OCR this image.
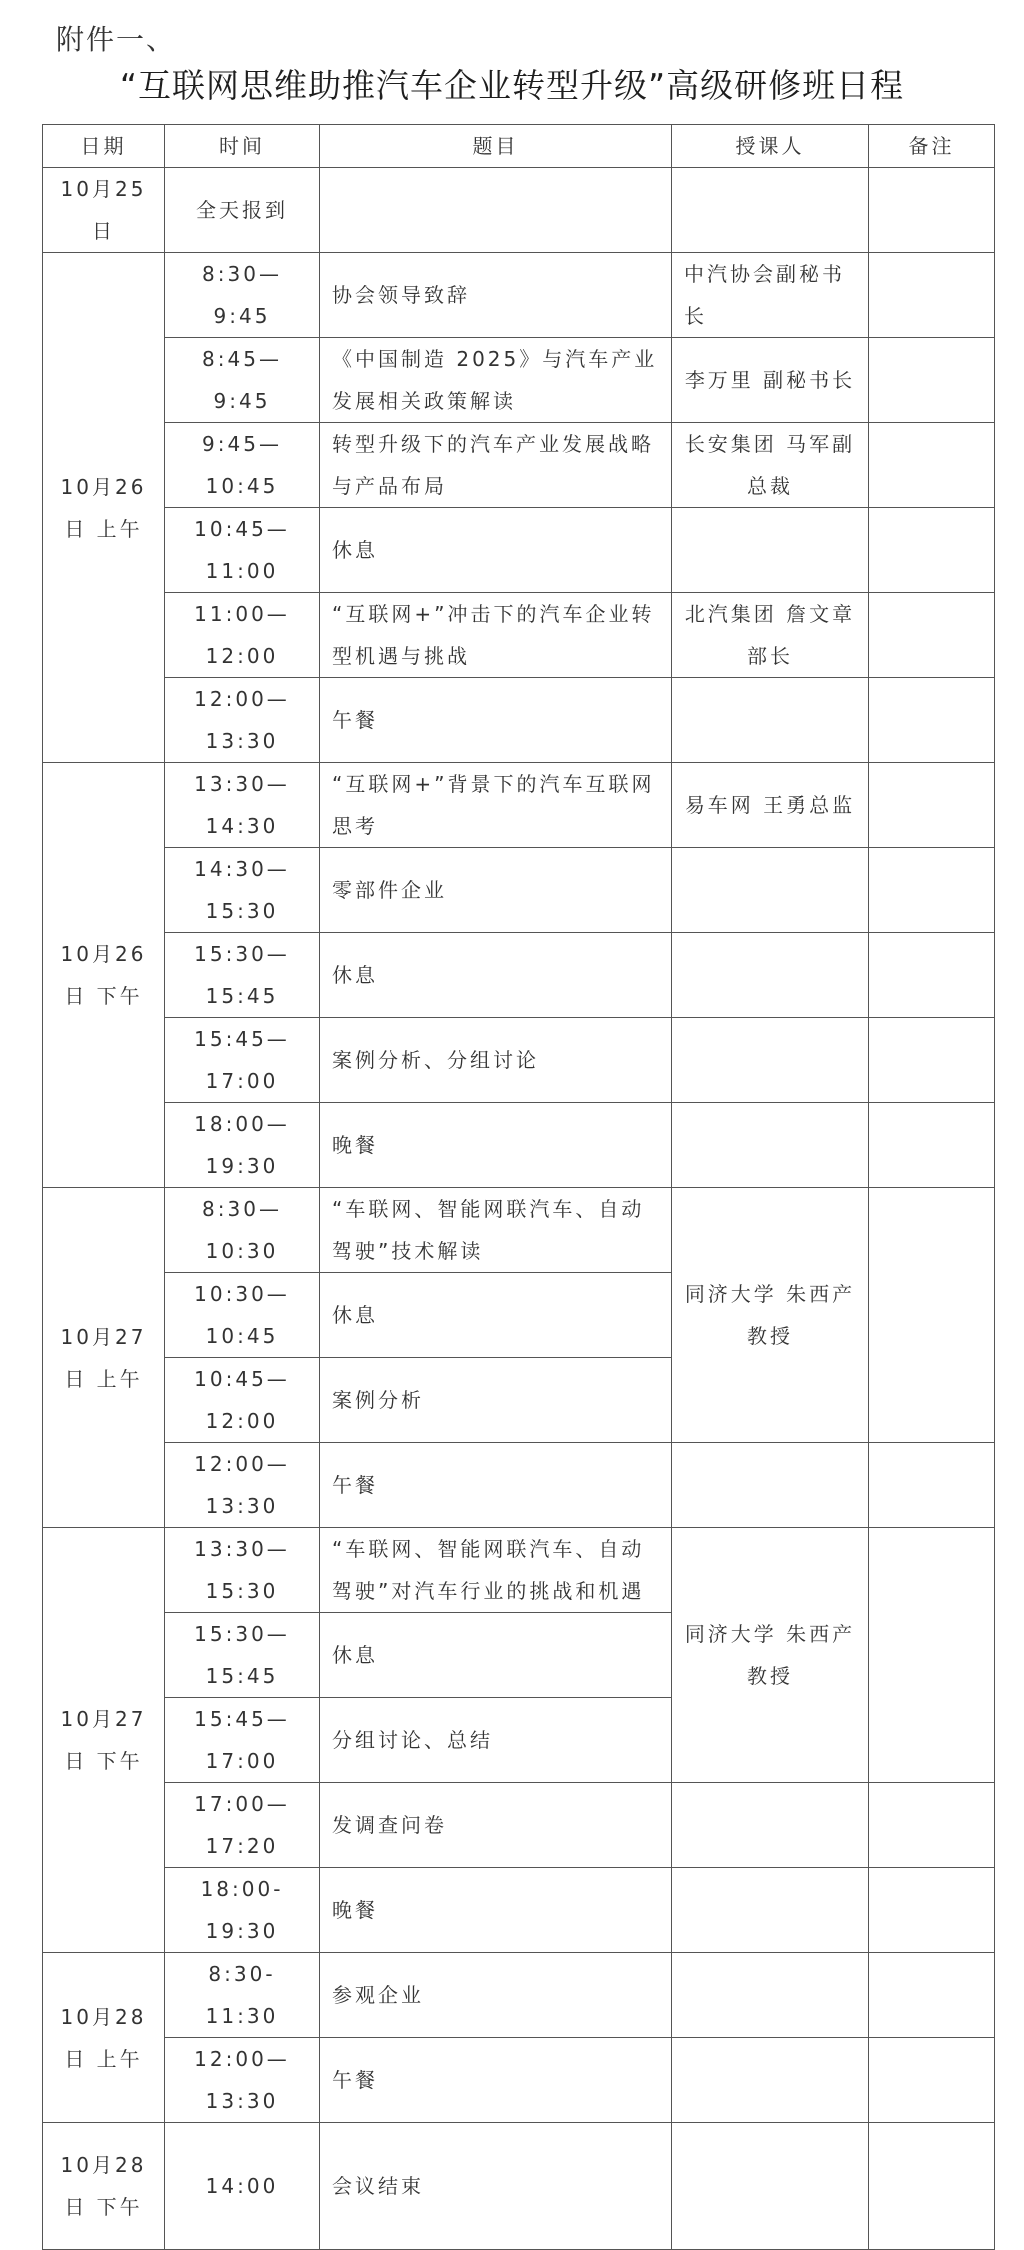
附件一、
“互联网思维助推汽车企业转型升级”高级研修班日程
日期	时间	题目	授课人	备注
10月25日	全天报到			
10月26日 上午	8:30—9:45	协会领导致辞	中汽协会副秘书长	
	8:45—9:45	《中国制造 2025》与汽车产业发展相关政策解读	李万里 副秘书长	
	9:45—10:45	转型升级下的汽车产业发展战略与产品布局	长安集团 马军副总裁	
	10:45—11:00	休息		
	11:00—12:00	“互联网+”冲击下的汽车企业转型机遇与挑战	北汽集团 詹文章部长	
	12:00—13:30	午餐		
10月26日 下午	13:30—14:30	“互联网+”背景下的汽车互联网思考	易车网 王勇总监	
	14:30—15:30	零部件企业		
	15:30—15:45	休息		
	15:45—17:00	案例分析、分组讨论		
	18:00—19:30	晚餐		
10月27日 上午	8:30—10:30	“车联网、智能网联汽车、自动驾驶”技术解读	同济大学 朱西产教授	
	10:30—10:45	休息		
	10:45—12:00	案例分析		
	12:00—13:30	午餐		
10月27日 下午	13:30—15:30	“车联网、智能网联汽车、自动驾驶”对汽车行业的挑战和机遇	同济大学 朱西产教授	
	15:30—15:45	休息		
	15:45—17:00	分组讨论、总结		
	17:00—17:20	发调查问卷		
	18:00-19:30	晚餐		
10月28日 上午	8:30-11:30	参观企业		
	12:00—13:30	午餐		
10月28日 下午	14:00	会议结束		
